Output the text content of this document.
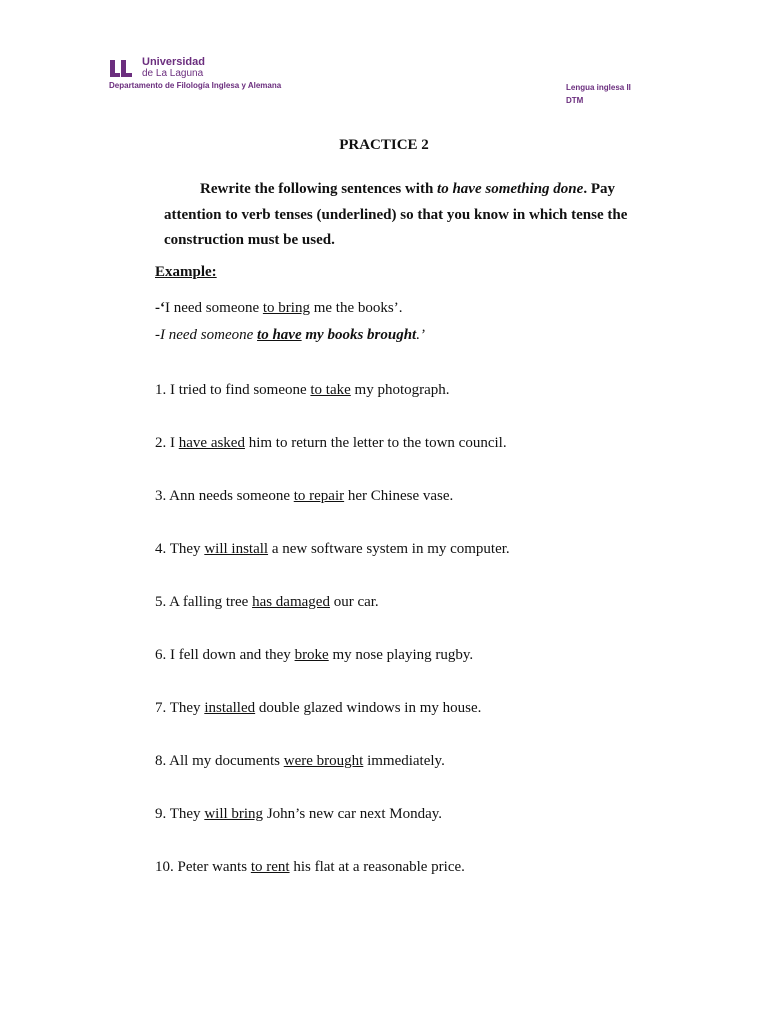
Universidad
de La Laguna
Departamento de Filología Inglesa y Alemana	Lengua inglesa II
DTM
PRACTICE 2
Rewrite the following sentences with to have something done. Pay attention to verb tenses (underlined) so that you know in which tense the construction must be used.
Example:
-‘I need someone to bring me the books’.
-I need someone to have my books brought.’
1. I tried to find someone to take my photograph.
2. I have asked him to return the letter to the town council.
3. Ann needs someone to repair her Chinese vase.
4. They will install a new software system in my computer.
5. A falling tree has damaged our car.
6. I fell down and they broke my nose playing rugby.
7. They installed double glazed windows in my house.
8. All my documents were brought immediately.
9. They will bring John’s new car next Monday.
10. Peter wants to rent his flat at a reasonable price.
